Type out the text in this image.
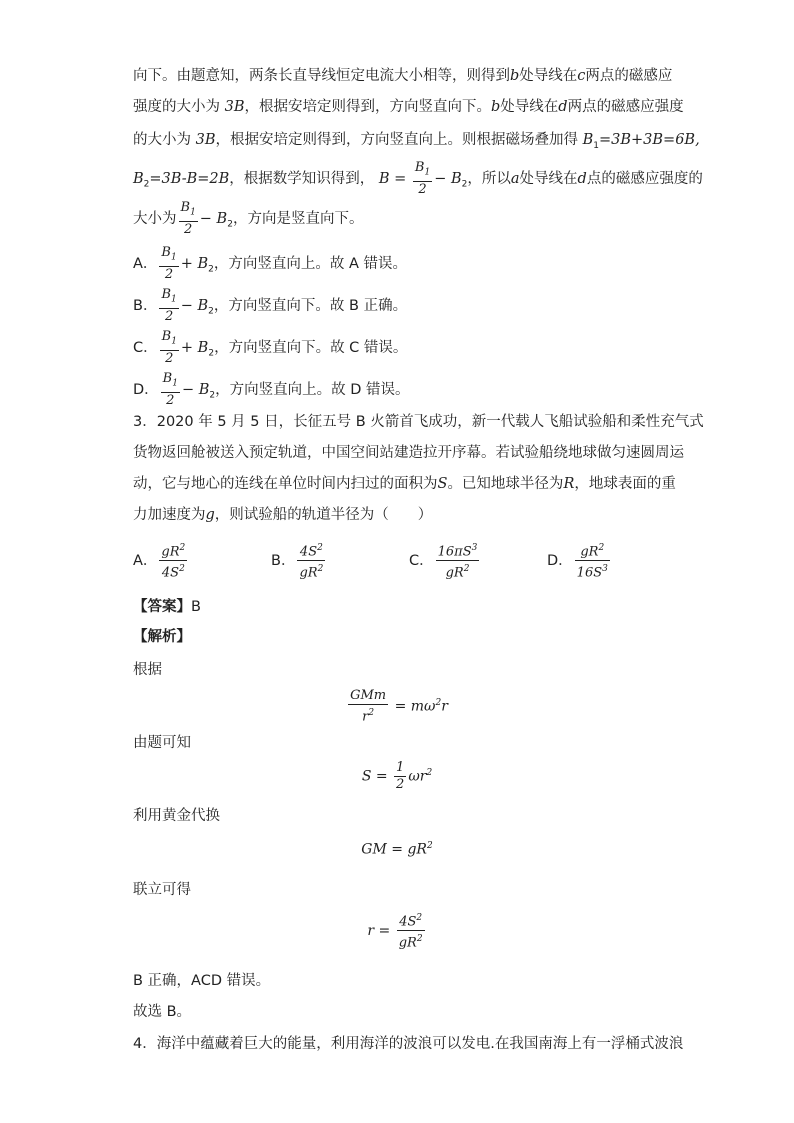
向下。由题意知，两条长直导线恒定电流大小相等，则得到b处导线在c两点的磁感应
强度的大小为 3B，根据安培定则得到，方向竖直向下。b处导线在d两点的磁感应强度
的大小为 3B，根据安培定则得到，方向竖直向上。则根据磁场叠加得 $B_1=3B+3B=6B$,
$B_2=3B-B=2B$，根据数学知识得到， $B = \frac{B_1}{2} - B_2$，所以a处导线在d点的磁感应强度的
大小为 $\frac{B_1}{2} - B_2$，方向是竖直向下。
A． $\frac{B_1}{2} + B_2$，方向竖直向上。故 A 错误。
B． $\frac{B_1}{2} - B_2$，方向竖直向下。故 B 正确。
C． $\frac{B_1}{2} + B_2$，方向竖直向下。故 C 错误。
D． $\frac{B_1}{2} - B_2$，方向竖直向上。故 D 错误。
3．2020 年 5 月 5 日，长征五号 B 火箭首飞成功，新一代载人飞船试验船和柔性充气式
货物返回舱被送入预定轨道，中国空间站建造拉开序幕。若试验船绕地球做匀速圆周运
动，它与地心的连线在单位时间内扫过的面积为S。已知地球半径为R，地球表面的重
力加速度为g，则试验船的轨道半径为（　　）
A． $\frac{gR^2}{4S^2}$	B． $\frac{4S^2}{gR^2}$	C． $\frac{16\pi S^3}{gR^2}$	D． $\frac{gR^2}{16S^3}$
【答案】B
【解析】
根据
$\frac{\text{GMm}}{r^2} = m\omega^2r$
由题可知
$S = \frac{1}{2} \omega r^2$
利用黄金代换
GM = $gR^2$
联立可得
$r = \frac{4S^2}{gR^2}$
B 正确，ACD 错误。
故选 B。
4．海洋中蕴藏着巨大的能量，利用海洋的波浪可以发电.在我国南海上有一浮桶式波浪
